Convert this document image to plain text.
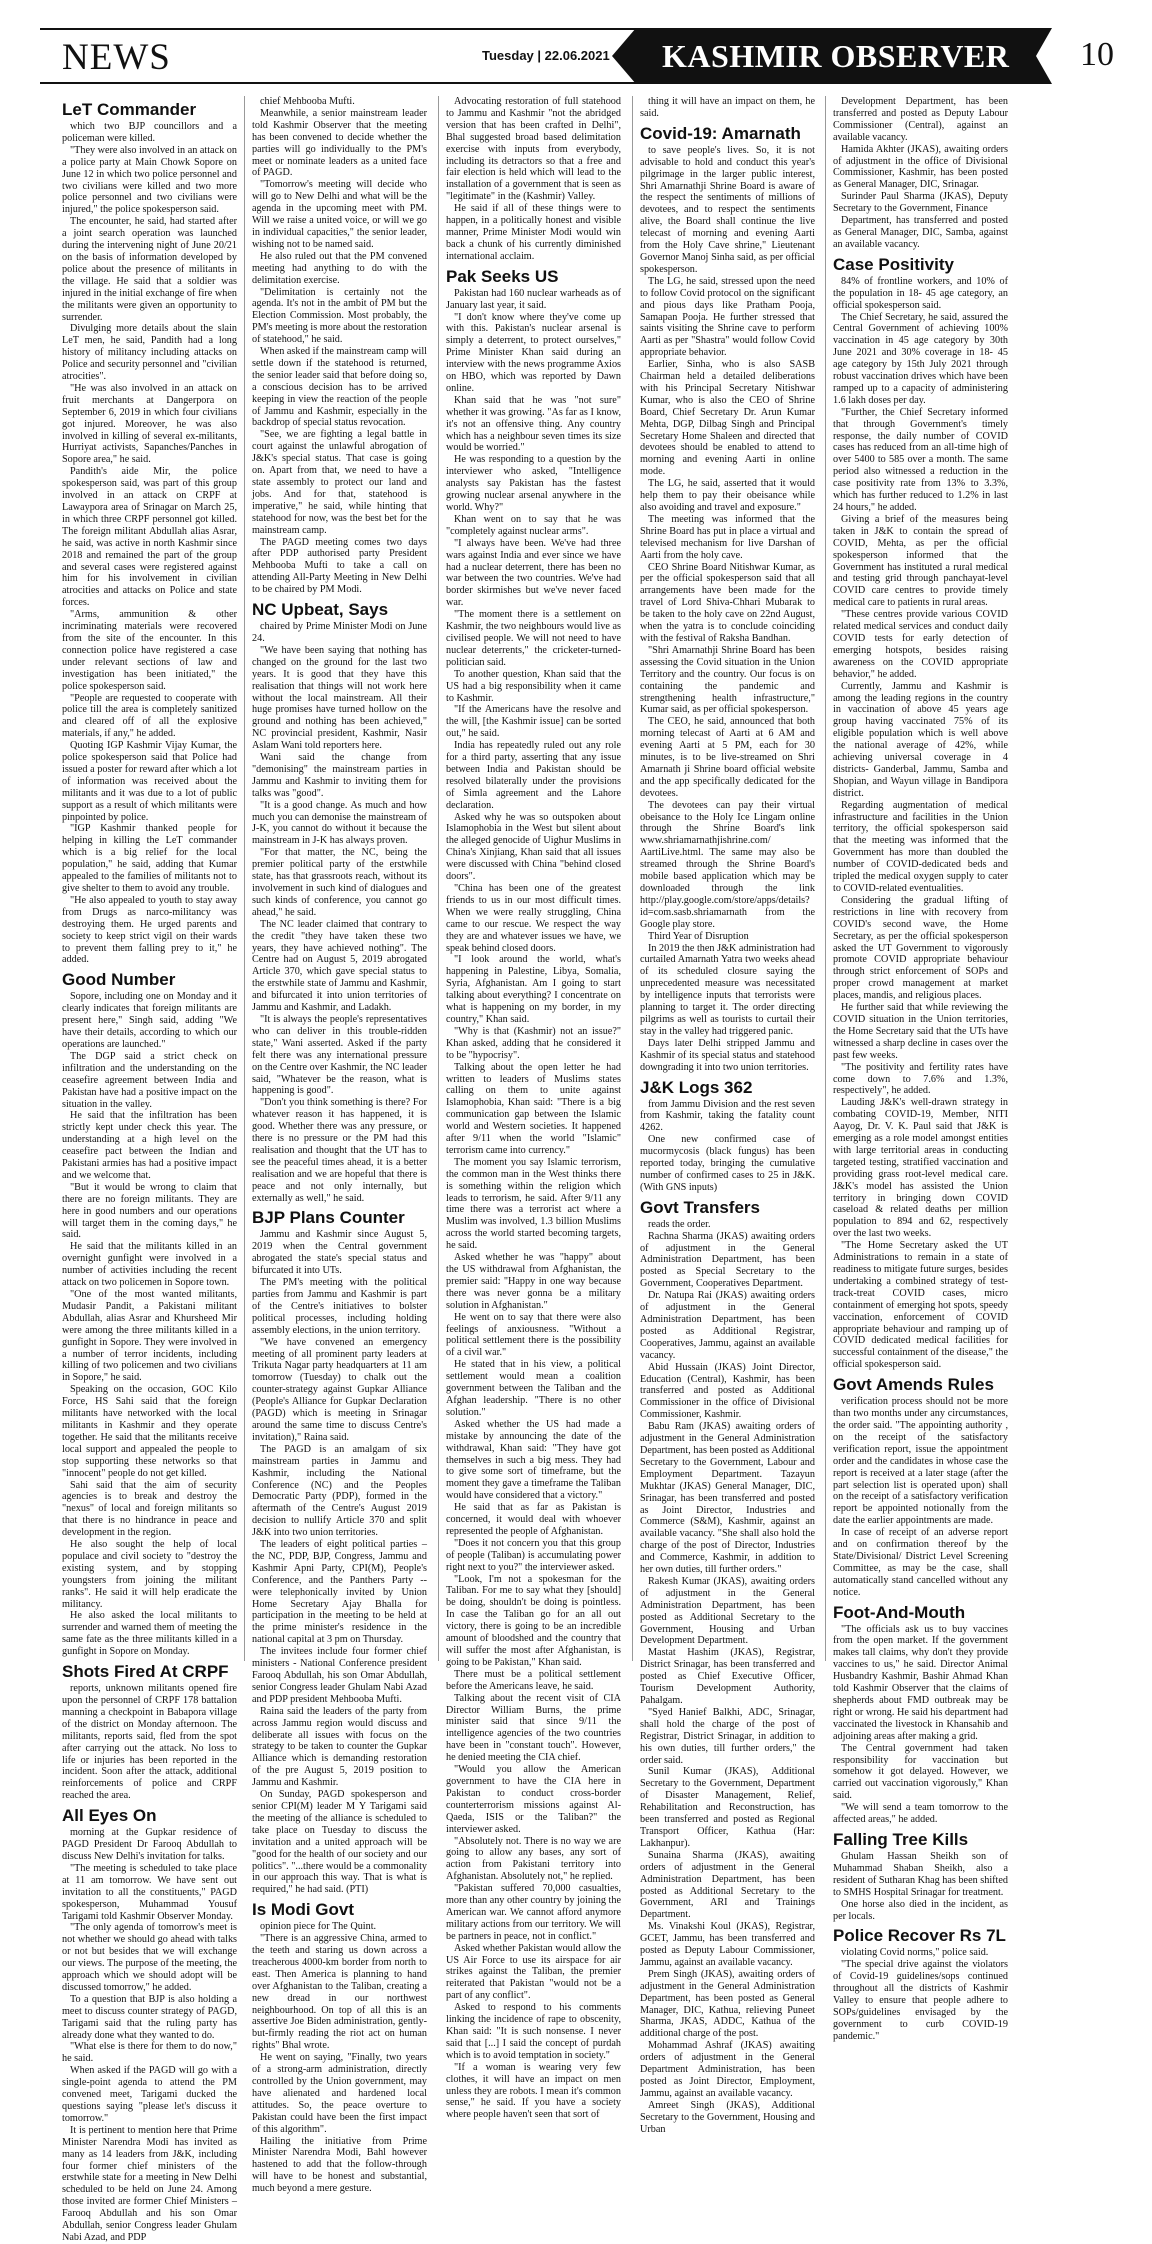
NEWS	Tuesday | 22.06.2021 KASHMIR OBSERVER 10
LeT Commander

which two BJP councillors and a policeman were killed.

"They were also involved in an attack on a police party at Main Chowk Sopore on June 12 in which two police personnel and two civilians were killed and two more police personnel and two civilians were injured," the police spokesperson said.

The encounter, he said, had started after a joint search operation was launched during the intervening night of June 20/21 on the basis of information developed by police about the presence of militants in the village. He said that a soldier was injured in the initial exchange of fire when the militants were given an opportunity to surrender.

Divulging more details about the slain LeT men, he said, Pandith had a long history of militancy including attacks on Police and security personnel and "civilian atrocities".

"He was also involved in an attack on fruit merchants at Dangerpora on September 6, 2019 in which four civilians got injured. Moreover, he was also involved in killing of several ex-militants, Hurriyat activists, Sapanches/Panches in Sopore area," he said.

Pandith's aide Mir, the police spokesperson said, was part of this group involved in an attack on CRPF at Lawaypora area of Srinagar on March 25, in which three CRPF personnel got killed. The foreign militant Abdullah alias Asrar, he said, was active in north Kashmir since 2018 and remained the part of the group and several cases were registered against him for his involvement in civilian atrocities and attacks on Police and state forces.

"Arms, ammunition & other incriminating materials were recovered from the site of the encounter. In this connection police have registered a case under relevant sections of law and investigation has been initiated," the police spokesperson said.

"People are requested to cooperate with police till the area is completely sanitized and cleared off of all the explosive materials, if any," he added.

Quoting IGP Kashmir Vijay Kumar, the police spokesperson said that Police had issued a poster for reward after which a lot of information was received about the militants and it was due to a lot of public support as a result of which militants were pinpointed by police.

"IGP Kashmir thanked people for helping in killing the LeT commander which is a big relief for the local population," he said, adding that Kumar appealed to the families of militants not to give shelter to them to avoid any trouble.

"He also appealed to youth to stay away from Drugs as narco-militancy was destroying them. He urged parents and society to keep strict vigil on their wards to prevent them falling prey to it," he added.

Good Number

Sopore, including one on Monday and it clearly indicates that foreign militants are present here," Singh said, adding "We have their details, according to which our operations are launched."

The DGP said a strict check on infiltration and the understanding on the ceasefire agreement between India and Pakistan have had a positive impact on the situation in the valley.

He said that the infiltration has been strictly kept under check this year. The understanding at a high level on the ceasefire pact between the Indian and Pakistani armies has had a positive impact and we welcome that.

"But it would be wrong to claim that there are no foreign militants. They are here in good numbers and our operations will target them in the coming days," he said.

He said that the militants killed in an overnight gunfight were involved in a number of activities including the recent attack on two policemen in Sopore town.

"One of the most wanted militants, Mudasir Pandit, a Pakistani militant Abdullah, alias Asrar and Khursheed Mir were among the three militants killed in a gunfight in Sopore. They were involved in a number of terror incidents, including killing of two policemen and two civilians in Sopore," he said.

Speaking on the occasion, GOC Kilo Force, HS Sahi said that the foreign militants have networked with the local militants in Kashmir and they operate together. He said that the militants receive local support and appealed the people to stop supporting these networks so that "innocent" people do not get killed.

Sahi said that the aim of security agencies is to break and destroy the "nexus" of local and foreign militants so that there is no hindrance in peace and development in the region.

He also sought the help of local populace and civil society to "destroy the existing system, and by stopping youngsters from joining the militant ranks". He said it will help eradicate the militancy.

He also asked the local militants to surrender and warned them of meeting the same fate as the three militants killed in a gunfight in Sopore on Monday.

Shots Fired At CRPF

reports, unknown militants opened fire upon the personnel of CRPF 178 battalion manning a checkpoint in Babapora village of the district on Monday afternoon. The militants, reports said, fled from the spot after carrying out the attack. No loss to life or injuries has been reported in the incident. Soon after the attack, additional reinforcements of police and CRPF reached the area.

All Eyes On

morning at the Gupkar residence of PAGD President Dr Farooq Abdullah to discuss New Delhi's invitation for talks.

"The meeting is scheduled to take place at 11 am tomorrow. We have sent out invitation to all the constituents," PAGD spokesperson, Muhammad Yousuf Tarigami told Kashmir Observer Monday.

"The only agenda of tomorrow's meet is not whether we should go ahead with talks or not but besides that we will exchange our views. The purpose of the meeting, the approach which we should adopt will be discussed tomorrow," he added.

To a question that BJP is also holding a meet to discuss counter strategy of PAGD, Tarigami said that the ruling party has already done what they wanted to do.

"What else is there for them to do now," he said.

When asked if the PAGD will go with a single-point agenda to attend the PM convened meet, Tarigami ducked the questions saying "please let's discuss it tomorrow."

It is pertinent to mention here that Prime Minister Narendra Modi has invited as many as 14 leaders from J&K, including four former chief ministers of the erstwhile state for a meeting in New Delhi scheduled to be held on June 24. Among those invited are former Chief Ministers – Farooq Abdullah and his son Omar Abdullah, senior Congress leader Ghulam Nabi Azad, and PDP

chief Mehbooba Mufti.

Meanwhile, a senior mainstream leader told Kashmir Observer that the meeting has been convened to decide whether the parties will go individually to the PM's meet or nominate leaders as a united face of PAGD.

"Tomorrow's meeting will decide who will go to New Delhi and what will be the agenda in the upcoming meet with PM. Will we raise a united voice, or will we go in individual capacities," the senior leader, wishing not to be named said.

He also ruled out that the PM convened meeting had anything to do with the delimitation exercise.

"Delimitation is certainly not the agenda. It's not in the ambit of PM but the Election Commission. Most probably, the PM's meeting is more about the restoration of statehood," he said.

When asked if the mainstream camp will settle down if the statehood is returned, the senior leader said that before doing so, a conscious decision has to be arrived keeping in view the reaction of the people of Jammu and Kashmir, especially in the backdrop of special status revocation.

"See, we are fighting a legal battle in court against the unlawful abrogation of J&K's special status. That case is going on. Apart from that, we need to have a state assembly to protect our land and jobs. And for that, statehood is imperative," he said, while hinting that statehood for now, was the best bet for the mainstream camp.

The PAGD meeting comes two days after PDP authorised party President Mehbooba Mufti to take a call on attending All-Party Meeting in New Delhi to be chaired by PM Modi.

NC Upbeat, Says

chaired by Prime Minister Modi on June 24.

"We have been saying that nothing has changed on the ground for the last two years. It is good that they have this realisation that things will not work here without the local mainstream. All their huge promises have turned hollow on the ground and nothing has been achieved," NC provincial president, Kashmir, Nasir Aslam Wani told reporters here.

Wani said the change from "demonising" the mainstream parties in Jammu and Kashmir to inviting them for talks was "good".

"It is a good change. As much and how much you can demonise the mainstream of J-K, you cannot do without it because the mainstream in J-K has always proven.

"For that matter, the NC, being the premier political party of the erstwhile state, has that grassroots reach, without its involvement in such kind of dialogues and such kinds of conference, you cannot go ahead," he said.

The NC leader claimed that contrary to the credit "they have taken these two years, they have achieved nothing". The Centre had on August 5, 2019 abrogated Article 370, which gave special status to the erstwhile state of Jammu and Kashmir, and bifurcated it into union territories of Jammu and Kashmir, and Ladakh.

"It is always the people's representatives who can deliver in this trouble-ridden state," Wani asserted. Asked if the party felt there was any international pressure on the Centre over Kashmir, the NC leader said, "Whatever be the reason, what is happening is good".

"Don't you think something is there? For whatever reason it has happened, it is good. Whether there was any pressure, or there is no pressure or the PM had this realisation and thought that the UT has to see the peaceful times ahead, it is a better realisation and we are hopeful that there is peace and not only internally, but externally as well," he said.

BJP Plans Counter

Jammu and Kashmir since August 5, 2019 when the Central government abrogated the state's special status and bifurcated it into UTs.

The PM's meeting with the political parties from Jammu and Kashmir is part of the Centre's initiatives to bolster political processes, including holding assembly elections, in the union territory.

"We have convened an emergency meeting of all prominent party leaders at Trikuta Nagar party headquarters at 11 am tomorrow (Tuesday) to chalk out the counter-strategy against Gupkar Alliance (People's Alliance for Gupkar Declaration (PAGD) which is meeting in Srinagar around the same time to discuss Centre's invitation)," Raina said.

The PAGD is an amalgam of six mainstream parties in Jammu and Kashmir, including the National Conference (NC) and the Peoples Democratic Party (PDP), formed in the aftermath of the Centre's August 2019 decision to nullify Article 370 and split J&K into two union territories.

The leaders of eight political parties – the NC, PDP, BJP, Congress, Jammu and Kashmir Apni Party, CPI(M), People's Conference, and the Panthers Party -- were telephonically invited by Union Home Secretary Ajay Bhalla for participation in the meeting to be held at the prime minister's residence in the national capital at 3 pm on Thursday.

The invitees include four former chief ministers - National Conference president Farooq Abdullah, his son Omar Abdullah, senior Congress leader Ghulam Nabi Azad and PDP president Mehbooba Mufti.

Raina said the leaders of the party from across Jammu region would discuss and deliberate all issues with focus on the strategy to be taken to counter the Gupkar Alliance which is demanding restoration of the pre August 5, 2019 position to Jammu and Kashmir.

On Sunday, PAGD spokesperson and senior CPI(M) leader M Y Tarigami said the meeting of the alliance is scheduled to take place on Tuesday to discuss the invitation and a united approach will be "good for the health of our society and our politics". "...there would be a commonality in our approach this way. That is what is required," he had said. (PTI)

Is Modi Govt

opinion piece for The Quint.

"There is an aggressive China, armed to the teeth and staring us down across a treacherous 4000-km border from north to east. Then America is planning to hand over Afghanistan to the Taliban, creating a new dread in our northwest neighbourhood. On top of all this is an assertive Joe Biden administration, gently-but-firmly reading the riot act on human rights" Bhal wrote.

He went on saying, "Finally, two years of a strong-arm administration, directly controlled by the Union government, may have alienated and hardened local attitudes. So, the peace overture to Pakistan could have been the first impact of this algorithm".

Hailing the initiative from Prime Minister Narendra Modi, Bahl however hastened to add that the follow-through will have to be honest and substantial, much beyond a mere gesture.

Advocating restoration of full statehood to Jammu and Kashmir "not the abridged version that has been crafted in Delhi", Bhal suggested broad based delimitation exercise with inputs from everybody, including its detractors so that a free and fair election is held which will lead to the installation of a government that is seen as "legitimate" in the (Kashmir) Valley.

He said if all of these things were to happen, in a politically honest and visible manner, Prime Minister Modi would win back a chunk of his currently diminished international acclaim.

Pak Seeks US

Pakistan had 160 nuclear warheads as of January last year, it said.

"I don't know where they've come up with this. Pakistan's nuclear arsenal is simply a deterrent, to protect ourselves," Prime Minister Khan said during an interview with the news programme Axios on HBO, which was reported by Dawn online.

Khan said that he was "not sure" whether it was growing. "As far as I know, it's not an offensive thing. Any country which has a neighbour seven times its size would be worried."

He was responding to a question by the interviewer who asked, "Intelligence analysts say Pakistan has the fastest growing nuclear arsenal anywhere in the world. Why?"

Khan went on to say that he was "completely against nuclear arms".

"I always have been. We've had three wars against India and ever since we have had a nuclear deterrent, there has been no war between the two countries. We've had border skirmishes but we've never faced war.

"The moment there is a settlement on Kashmir, the two neighbours would live as civilised people. We will not need to have nuclear deterrents," the cricketer-turned-politician said.

To another question, Khan said that the US had a big responsibility when it came to Kashmir.

"If the Americans have the resolve and the will, [the Kashmir issue] can be sorted out," he said.

India has repeatedly ruled out any role for a third party, asserting that any issue between India and Pakistan should be resolved bilaterally under the provisions of Simla agreement and the Lahore declaration.

Asked why he was so outspoken about Islamophobia in the West but silent about the alleged genocide of Uighur Muslims in China's Xinjiang, Khan said that all issues were discussed with China "behind closed doors".

"China has been one of the greatest friends to us in our most difficult times. When we were really struggling, China came to our rescue. We respect the way they are and whatever issues we have, we speak behind closed doors.

"I look around the world, what's happening in Palestine, Libya, Somalia, Syria, Afghanistan. Am I going to start talking about everything? I concentrate on what is happening on my border, in my country," Khan said.

"Why is that (Kashmir) not an issue?" Khan asked, adding that he considered it to be "hypocrisy".

Talking about the open letter he had written to leaders of Muslims states calling on them to unite against Islamophobia, Khan said: "There is a big communication gap between the Islamic world and Western societies. It happened after 9/11 when the world "Islamic" terrorism came into currency."

The moment you say Islamic terrorism, the common man in the West thinks there is something within the religion which leads to terrorism, he said. After 9/11 any time there was a terrorist act where a Muslim was involved, 1.3 billion Muslims across the world started becoming targets, he said.

Asked whether he was "happy" about the US withdrawal from Afghanistan, the premier said: "Happy in one way because there was never gonna be a military solution in Afghanistan."

He went on to say that there were also feelings of anxiousness. "Without a political settlement there is the possibility of a civil war."

He stated that in his view, a political settlement would mean a coalition government between the Taliban and the Afghan leadership. "There is no other solution."

Asked whether the US had made a mistake by announcing the date of the withdrawal, Khan said: "They have got themselves in such a big mess. They had to give some sort of timeframe, but the moment they gave a timeframe the Taliban would have considered that a victory."

He said that as far as Pakistan is concerned, it would deal with whoever represented the people of Afghanistan.

"Does it not concern you that this group of people (Taliban) is accumulating power right next to you?" the interviewer asked.

"Look, I'm not a spokesman for the Taliban. For me to say what they [should] be doing, shouldn't be doing is pointless. In case the Taliban go for an all out victory, there is going to be an incredible amount of bloodshed and the country that will suffer the most after Afghanistan, is going to be Pakistan," Khan said.

There must be a political settlement before the Americans leave, he said.

Talking about the recent visit of CIA Director William Burns, the prime minister said that since 9/11 the intelligence agencies of the two countries have been in "constant touch". However, he denied meeting the CIA chief.

"Would you allow the American government to have the CIA here in Pakistan to conduct cross-border counterterrorism missions against Al-Qaeda, ISIS or the Taliban?" the interviewer asked.

"Absolutely not. There is no way we are going to allow any bases, any sort of action from Pakistani territory into Afghanistan. Absolutely not," he replied.

"Pakistan suffered 70,000 casualties, more than any other country by joining the American war. We cannot afford anymore military actions from our territory. We will be partners in peace, not in conflict."

Asked whether Pakistan would allow the US Air Force to use its airspace for air strikes against the Taliban, the premier reiterated that Pakistan "would not be a part of any conflict".

Asked to respond to his comments linking the incidence of rape to obscenity, Khan said: "It is such nonsense. I never said that [...] I said the concept of purdah which is to avoid temptation in society."

"If a woman is wearing very few clothes, it will have an impact on men unless they are robots. I mean it's common sense," he said. If you have a society where people haven't seen that sort of

thing it will have an impact on them, he said.

Covid-19: Amarnath

to save people's lives. So, it is not advisable to hold and conduct this year's pilgrimage in the larger public interest, Shri Amarnathji Shrine Board is aware of the respect the sentiments of millions of devotees, and to respect the sentiments alive, the Board shall continue the live telecast of morning and evening Aarti from the Holy Cave shrine," Lieutenant Governor Manoj Sinha said, as per official spokesperson.

The LG, he said, stressed upon the need to follow Covid protocol on the significant and pious days like Pratham Pooja, Samapan Pooja. He further stressed that saints visiting the Shrine cave to perform Aarti as per "Shastra" would follow Covid appropriate behavior.

Earlier, Sinha, who is also SASB Chairman held a detailed deliberations with his Principal Secretary Nitishwar Kumar, who is also the CEO of Shrine Board, Chief Secretary Dr. Arun Kumar Mehta, DGP, Dilbag Singh and Principal Secretary Home Shaleen and directed that devotees should be enabled to attend to morning and evening Aarti in online mode.

The LG, he said, asserted that it would help them to pay their obeisance while also avoiding and travel and exposure."

The meeting was informed that the Shrine Board has put in place a virtual and televised mechanism for live Darshan of Aarti from the holy cave.

CEO Shrine Board Nitishwar Kumar, as per the official spokesperson said that all arrangements have been made for the travel of Lord Shiva-Chhari Mubarak to be taken to the holy cave on 22nd August, when the yatra is to conclude coinciding with the festival of Raksha Bandhan.

"Shri Amarnathji Shrine Board has been assessing the Covid situation in the Union Territory and the country. Our focus is on containing the pandemic and strengthening health infrastructure," Kumar said, as per official spokesperson.

The CEO, he said, announced that both morning telecast of Aarti at 6 AM and evening Aarti at 5 PM, each for 30 minutes, is to be live-streamed on Shri Amarnath ji Shrine board official website and the app specifically dedicated for the devotees.

The devotees can pay their virtual obeisance to the Holy Ice Lingam online through the Shrine Board's link www.shriamarnathjishrine.com/ AartiLive.html. The same may also be streamed through the Shrine Board's mobile based application which may be downloaded through the link http://play.google.com/store/apps/details?id=com.sasb.shriamarnath from the Google play store.

Third Year of Disruption

In 2019 the then J&K administration had curtailed Amarnath Yatra two weeks ahead of its scheduled closure saying the unprecedented measure was necessitated by intelligence inputs that terrorists were planning to target it. The order directing pilgrims as well as tourists to curtail their stay in the valley had triggered panic.

Days later Delhi stripped Jammu and Kashmir of its special status and statehood downgrading it into two union territories.

J&K Logs 362

from Jammu Division and the rest seven from Kashmir, taking the fatality count 4262.

One new confirmed case of mucormycosis (black fungus) has been reported today, bringing the cumulative number of confirmed cases to 25 in J&K. (With GNS inputs)

Govt Transfers

reads the order.

Rachna Sharma (JKAS) awaiting orders of adjustment in the General Administration Department, has been posted as Special Secretary to the Government, Cooperatives Department.

Dr. Natupa Rai (JKAS) awaiting orders of adjustment in the General Administration Department, has been posted as Additional Registrar, Cooperatives, Jammu, against an available vacancy.

Abid Hussain (JKAS) Joint Director, Education (Central), Kashmir, has been transferred and posted as Additional Commissioner in the office of Divisional Commissioner, Kashmir.

Babu Ram (JKAS) awaiting orders of adjustment in the General Administration Department, has been posted as Additional Secretary to the Government, Labour and Employment Department. Tazayun Mukhtar (JKAS) General Manager, DIC, Srinagar, has been transferred and posted as Joint Director, Industries and Commerce (S&M), Kashmir, against an available vacancy. "She shall also hold the charge of the post of Director, Industries and Commerce, Kashmir, in addition to her own duties, till further orders."

Rakesh Kumar (JKAS), awaiting orders of adjustment in the General Administration Department, has been posted as Additional Secretary to the Government, Housing and Urban Development Department.

Mastat Hashim (JKAS), Registrar, District Srinagar, has been transferred and posted as Chief Executive Officer, Tourism Development Authority, Pahalgam.

"Syed Hanief Balkhi, ADC, Srinagar, shall hold the charge of the post of Registrar, District Srinagar, in addition to his own duties, till further orders," the order said.

Sunil Kumar (JKAS), Additional Secretary to the Government, Department of Disaster Management, Relief, Rehabilitation and Reconstruction, has been transferred and posted as Regional Transport Officer, Kathua (Har: Lakhanpur).

Sunaina Sharma (JKAS), awaiting orders of adjustment in the General Administration Department, has been posted as Additional Secretary to the Government, ARI and Trainings Department.

Ms. Vinakshi Koul (JKAS), Registrar, GCET, Jammu, has been transferred and posted as Deputy Labour Commissioner, Jammu, against an available vacancy.

Prem Singh (JKAS), awaiting orders of adjustment in the General Administration Department, has been posted as General Manager, DIC, Kathua, relieving Puneet Sharma, JKAS, ADDC, Kathua of the additional charge of the post.

Mohammad Ashraf (JKAS) awaiting orders of adjustment in the General Department Administration, has been posted as Joint Director, Employment, Jammu, against an available vacancy.

Amreet Singh (JKAS), Additional Secretary to the Government, Housing and Urban

Development Department, has been transferred and posted as Deputy Labour Commissioner (Central), against an available vacancy.

Hamida Akhter (JKAS), awaiting orders of adjustment in the office of Divisional Commissioner, Kashmir, has been posted as General Manager, DIC, Srinagar.

Surinder Paul Sharma (JKAS), Deputy Secretary to the Government, Finance

Department, has transferred and posted as General Manager, DIC, Samba, against an available vacancy.

Case Positivity

84% of frontline workers, and 10% of the population in 18- 45 age category, an official spokesperson said.

The Chief Secretary, he said, assured the Central Government of achieving 100% vaccination in 45 age category by 30th June 2021 and 30% coverage in 18- 45 age category by 15th July 2021 through robust vaccination drives which have been ramped up to a capacity of administering 1.6 lakh doses per day.

"Further, the Chief Secretary informed that through Government's timely response, the daily number of COVID cases has reduced from an all-time high of over 5400 to 585 over a month. The same period also witnessed a reduction in the case positivity rate from 13% to 3.3%, which has further reduced to 1.2% in last 24 hours," he added.

Giving a brief of the measures being taken in J&K to contain the spread of COVID, Mehta, as per the official spokesperson informed that the Government has instituted a rural medical and testing grid through panchayat-level COVID care centres to provide timely medical care to patients in rural areas.

"These centres provide various COVID related medical services and conduct daily COVID tests for early detection of emerging hotspots, besides raising awareness on the COVID appropriate behavior," he added.

Currently, Jammu and Kashmir is among the leading regions in the country in vaccination of above 45 years age group having vaccinated 75% of its eligible population which is well above the national average of 42%, while achieving universal coverage in 4 districts- Ganderbal, Jammu, Samba and Shopian, and Wayun village in Bandipora district.

Regarding augmentation of medical infrastructure and facilities in the Union territory, the official spokesperson said that the meeting was informed that the Government has more than doubled the number of COVID-dedicated beds and tripled the medical oxygen supply to cater to COVID-related eventualities.

Considering the gradual lifting of restrictions in line with recovery from COVID's second wave, the Home Secretary, as per the official spokesperson asked the UT Government to vigorously promote COVID appropriate behaviour through strict enforcement of SOPs and proper crowd management at market places, mandis, and religious places.

He further said that while reviewing the COVID situation in the Union territories, the Home Secretary said that the UTs have witnessed a sharp decline in cases over the past few weeks.

"The positivity and fertility rates have come down to 7.6% and 1.3%, respectively", he added.

Lauding J&K's well-drawn strategy in combating COVID-19, Member, NITI Aayog, Dr. V. K. Paul said that J&K is emerging as a role model amongst entities with large territorial areas in conducting targeted testing, stratified vaccination and providing grass root-level medical care. J&K's model has assisted the Union territory in bringing down COVID caseload & related deaths per million population to 894 and 62, respectively over the last two weeks.

"The Home Secretary asked the UT Administrations to remain in a state of readiness to mitigate future surges, besides undertaking a combined strategy of test-track-treat COVID cases, micro containment of emerging hot spots, speedy vaccination, enforcement of COVID appropriate behaviour and ramping up of COVID dedicated medical facilities for successful containment of the disease," the official spokesperson said.

Govt Amends Rules

verification process should not be more than two months under any circumstances, the order said. "The appointing authority , on the receipt of the satisfactory verification report, issue the appointment order and the candidates in whose case the report is received at a later stage (after the part selection list is operated upon) shall on the receipt of a satisfactory verification report be appointed notionally from the date the earlier appointments are made.

In case of receipt of an adverse report and on confirmation thereof by the State/Divisional/ District Level Screening Committee, as may be the case, shall automatically stand cancelled without any notice.

Foot-And-Mouth

"The officials ask us to buy vaccines from the open market. If the government makes tall claims, why don't they provide vaccines to us," he said. Director Animal Husbandry Kashmir, Bashir Ahmad Khan told Kashmir Observer that the claims of shepherds about FMD outbreak may be right or wrong. He said his department had vaccinated the livestock in Khansahib and adjoining areas after making a grid.

The Central government had taken responsibility for vaccination but somehow it got delayed. However, we carried out vaccination vigorously," Khan said.

"We will send a team tomorrow to the affected areas," he added.

Falling Tree Kills

Ghulam Hassan Sheikh son of Muhammad Shaban Sheikh, also a resident of Sutharan Khag has been shifted to SMHS Hospital Srinagar for treatment.

One horse also died in the incident, as per locals.

Police Recover Rs 7L

violating Covid norms," police said.

"The special drive against the violators of Covid-19 guidelines/sops continued throughout all the districts of Kashmir Valley to ensure that people adhere to SOPs/guidelines envisaged by the government to curb COVID-19 pandemic."
